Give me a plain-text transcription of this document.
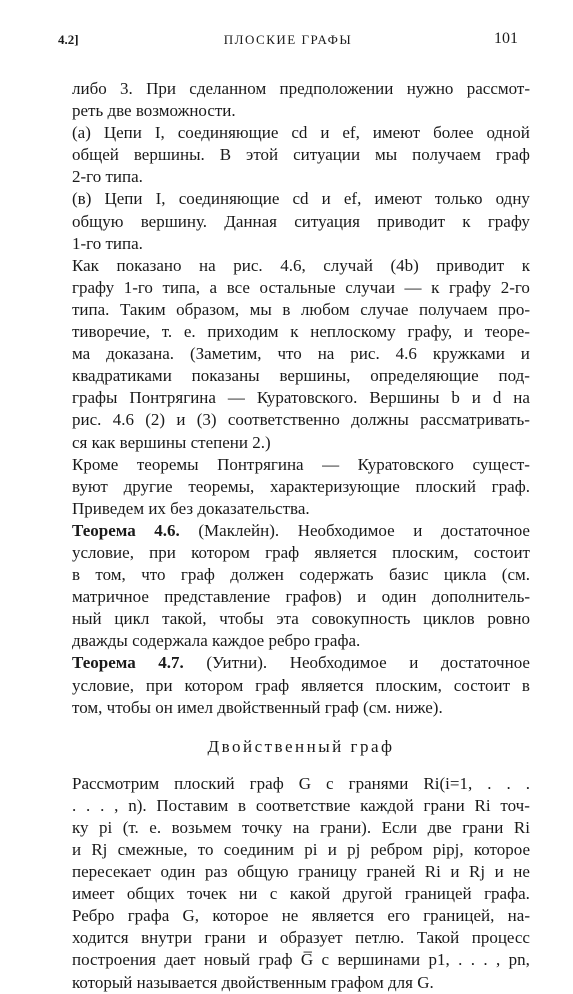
4.2]	ПЛОСКИЕ ГРАФЫ	101
либо 3. При сделанном предположении нужно рассмот-
реть две возможности.
(а) Цепи I, соединяющие cd и ef, имеют более одной
общей вершины. В этой ситуации мы получаем граф
2-го типа.
(в) Цепи I, соединяющие cd и ef, имеют только одну
общую вершину. Данная ситуация приводит к графу
1-го типа.
Как показано на рис. 4.6, случай (4b) приводит к
графу 1-го типа, а все остальные случаи — к графу 2-го
типа. Таким образом, мы в любом случае получаем про-
тиворечие, т. е. приходим к неплоскому графу, и теоре-
ма доказана. (Заметим, что на рис. 4.6 кружками и
квадратиками показаны вершины, определяющие под-
графы Понтрягина — Куратовского. Вершины b и d на
рис. 4.6 (2) и (3) соответственно должны рассматривать-
ся как вершины степени 2.)
Кроме теоремы Понтрягина — Куратовского сущест-
вуют другие теоремы, характеризующие плоский граф.
Приведем их без доказательства.
Теорема 4.6. (Маклейн). Необходимое и достаточное
условие, при котором граф является плоским, состоит
в том, что граф должен содержать базис цикла (см.
матричное представление графов) и один дополнитель-
ный цикл такой, чтобы эта совокупность циклов ровно
дважды содержала каждое ребро графа.
Теорема 4.7. (Уитни). Необходимое и достаточное
условие, при котором граф является плоским, состоит в
том, чтобы он имел двойственный граф (см. ниже).
Двойственный граф
Рассмотрим плоский граф G с гранями Ri(i=1, . . .
. . . , n). Поставим в соответствие каждой грани Ri точ-
ку pi (т. е. возьмем точку на грани). Если две грани Ri
и Rj смежные, то соединим pi и pj ребром pipj, которое
пересекает один раз общую границу граней Ri и Rj и не
имеет общих точек ни с какой другой границей графа.
Ребро графа G, которое не является его границей, на-
ходится внутри грани и образует петлю. Такой процесс
построения дает новый граф G̅ с вершинами p1, . . . , pn,
который называется двойственным графом для G.
